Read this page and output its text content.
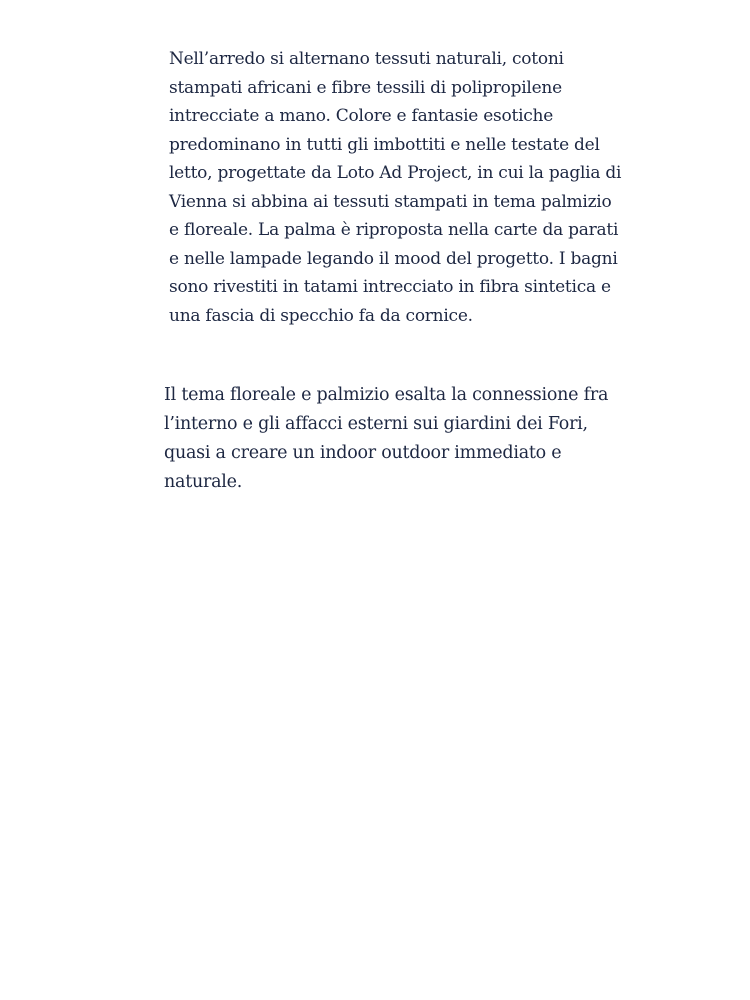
Nell’arredo si alternano tessuti naturali, cotoni
stampati africani e fibre tessili di polipropilene
intrecciate a mano. Colore e fantasie esotiche
predominano in tutti gli imbottiti e nelle testate del
letto, progettate da Loto Ad Project, in cui la paglia di
Vienna si abbina ai tessuti stampati in tema palmizio
e floreale. La palma è riproposta nella carte da parati
e nelle lampade legando il mood del progetto. I bagni
sono rivestiti in tatami intrecciato in fibra sintetica e
una fascia di specchio fa da cornice.

Il tema floreale e palmizio esalta la connessione fra
l’interno e gli affacci esterni sui giardini dei Fori,
quasi a creare un indoor outdoor immediato e
naturale.
